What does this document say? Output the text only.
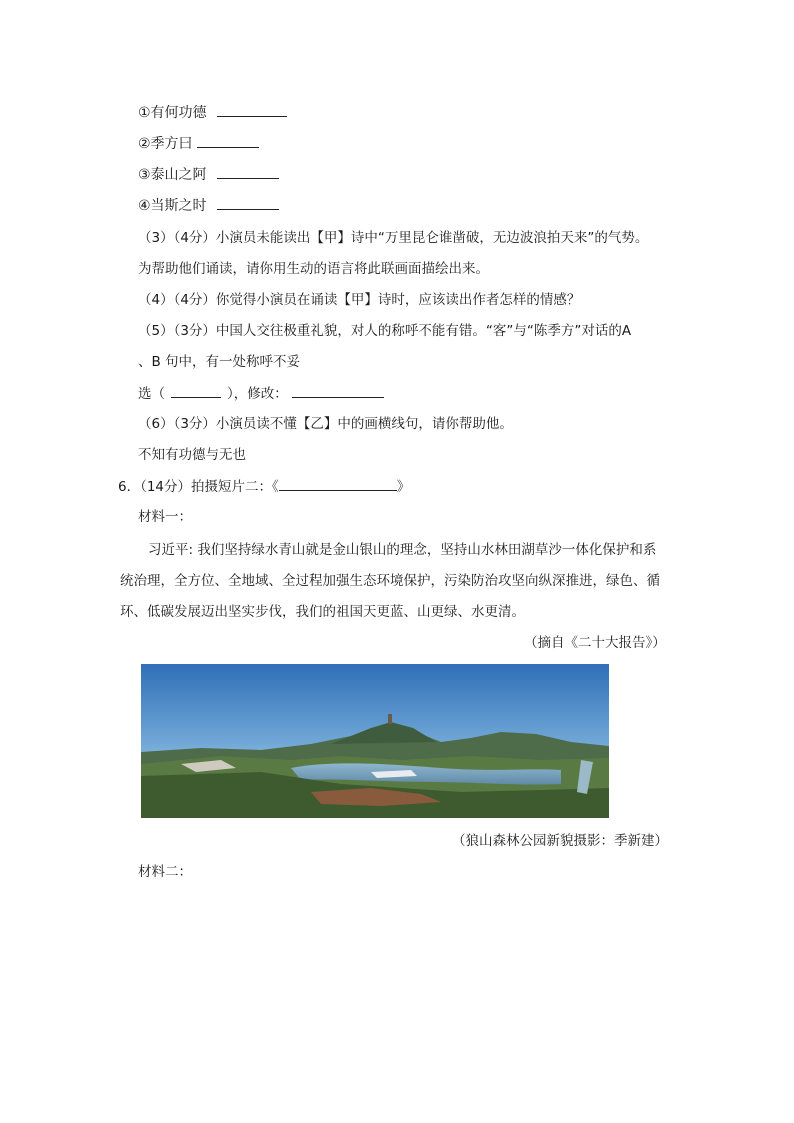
①有何功德
②季方曰
③泰山之阿
④当斯之时
（3）（4分）小演员未能读出【甲】诗中“万里昆仑谁凿破，无边波浪拍天来”的气势。
为帮助他们诵读，请你用生动的语言将此联画面描绘出来。
（4）（4分）你觉得小演员在诵读【甲】诗时，应该读出作者怎样的情感？
（5）（3分）中国人交往极重礼貌，对人的称呼不能有错。“客”与“陈季方”对话的A
、B 句中，有一处称呼不妥
选（	），修改：
（6）（3分）小演员读不懂【乙】中的画横线句，请你帮助他。
不知有功德与无也
6．（14分）拍摄短片二：《	》
材料一：
习近平: 我们坚持绿水青山就是金山银山的理念，坚持山水林田湖草沙一体化保护和系
统治理，全方位、全地域、全过程加强生态环境保护，污染防治攻坚向纵深推进，绿色、循
环、低碳发展迈出坚实步伐，我们的祖国天更蓝、山更绿、水更清。
（摘自《二十大报告》）
（狼山森林公园新貌摄影：季新建）
材料二：
